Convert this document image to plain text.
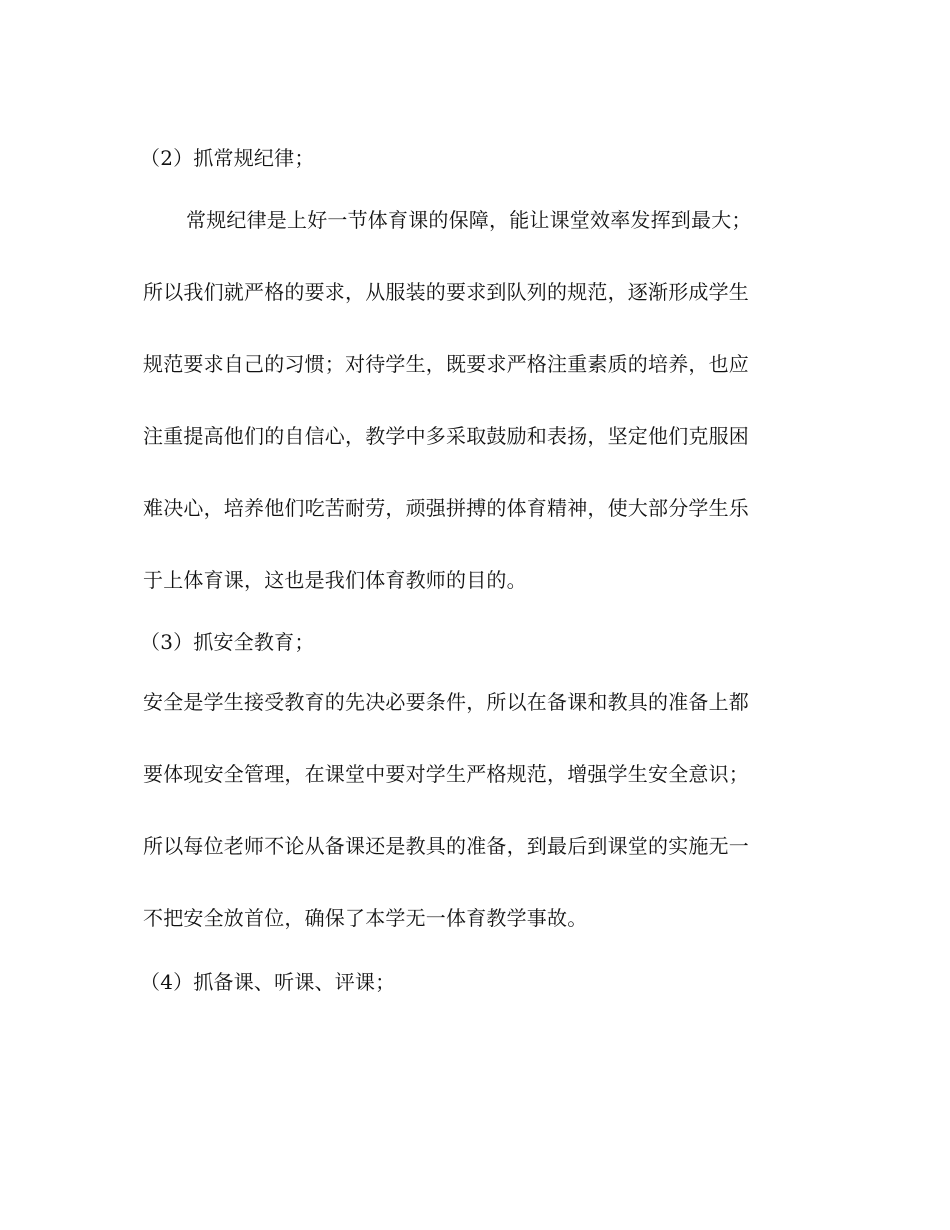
（2）抓常规纪律；
常规纪律是上好一节体育课的保障，能让课堂效率发挥到最大；
所以我们就严格的要求，从服装的要求到队列的规范，逐渐形成学生
规范要求自己的习惯；对待学生，既要求严格注重素质的培养，也应
注重提高他们的自信心，教学中多采取鼓励和表扬，坚定他们克服困
难决心，培养他们吃苦耐劳，顽强拼搏的体育精神，使大部分学生乐
于上体育课，这也是我们体育教师的目的。
（3）抓安全教育；
安全是学生接受教育的先决必要条件，所以在备课和教具的准备上都
要体现安全管理，在课堂中要对学生严格规范，增强学生安全意识；
所以每位老师不论从备课还是教具的准备，到最后到课堂的实施无一
不把安全放首位，确保了本学无一体育教学事故。
（4）抓备课、听课、评课；
